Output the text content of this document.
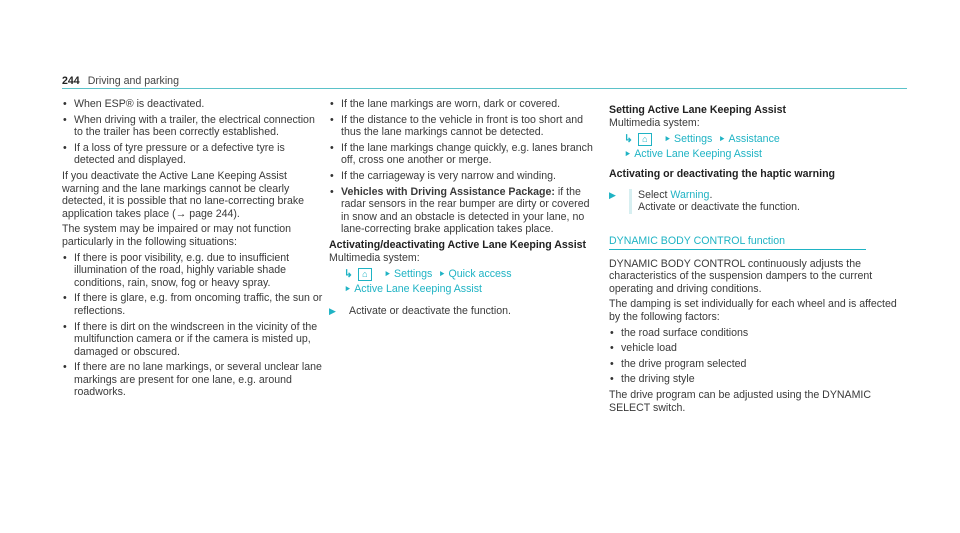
244 Driving and parking
• When ESP® is deactivated.
• When driving with a trailer, the electrical connection to the trailer has been correctly established.
• If a loss of tyre pressure or a defective tyre is detected and displayed.

If you deactivate the Active Lane Keeping Assist warning and the lane markings cannot be clearly detected, it is possible that no lane-correcting brake application takes place (→ page 244).

The system may be impaired or may not function particularly in the following situations:

• If there is poor visibility, e.g. due to insufficient illumination of the road, highly variable shade conditions, rain, snow, fog or heavy spray.
• If there is glare, e.g. from oncoming traffic, the sun or reflections.
• If there is dirt on the windscreen in the vicinity of the multifunction camera or if the camera is misted up, damaged or obscured.
• If there are no lane markings, or several unclear lane markings are present for one lane, e.g. around roadworks.
• If the lane markings are worn, dark or covered.
• If the distance to the vehicle in front is too short and thus the lane markings cannot be detected.
• If the lane markings change quickly, e.g. lanes branch off, cross one another or merge.
• If the carriageway is very narrow and winding.
• Vehicles with Driving Assistance Package: if the radar sensors in the rear bumper are dirty or covered in snow and an obstacle is detected in your lane, no lane-correcting brake application takes place.

Activating/deactivating Active Lane Keeping Assist

Multimedia system:

↳ ⌂ ⯈ Settings ⯈ Quick access

⯈ Active Lane Keeping Assist

▶	Activate or deactivate the function.

Setting Active Lane Keeping Assist

Multimedia system:

↳ ⌂ ⯈ Settings ⯈ Assistance

⯈ Active Lane Keeping Assist

Activating or deactivating the haptic warning

▶	Select Warning.
Activate or deactivate the function.
DYNAMIC BODY CONTROL function

DYNAMIC BODY CONTROL continuously adjusts the characteristics of the suspension dampers to the current operating and driving conditions.

The damping is set individually for each wheel and is affected by the following factors:

• the road surface conditions
• vehicle load
• the drive program selected
• the driving style

The drive program can be adjusted using the DYNAMIC SELECT switch.
